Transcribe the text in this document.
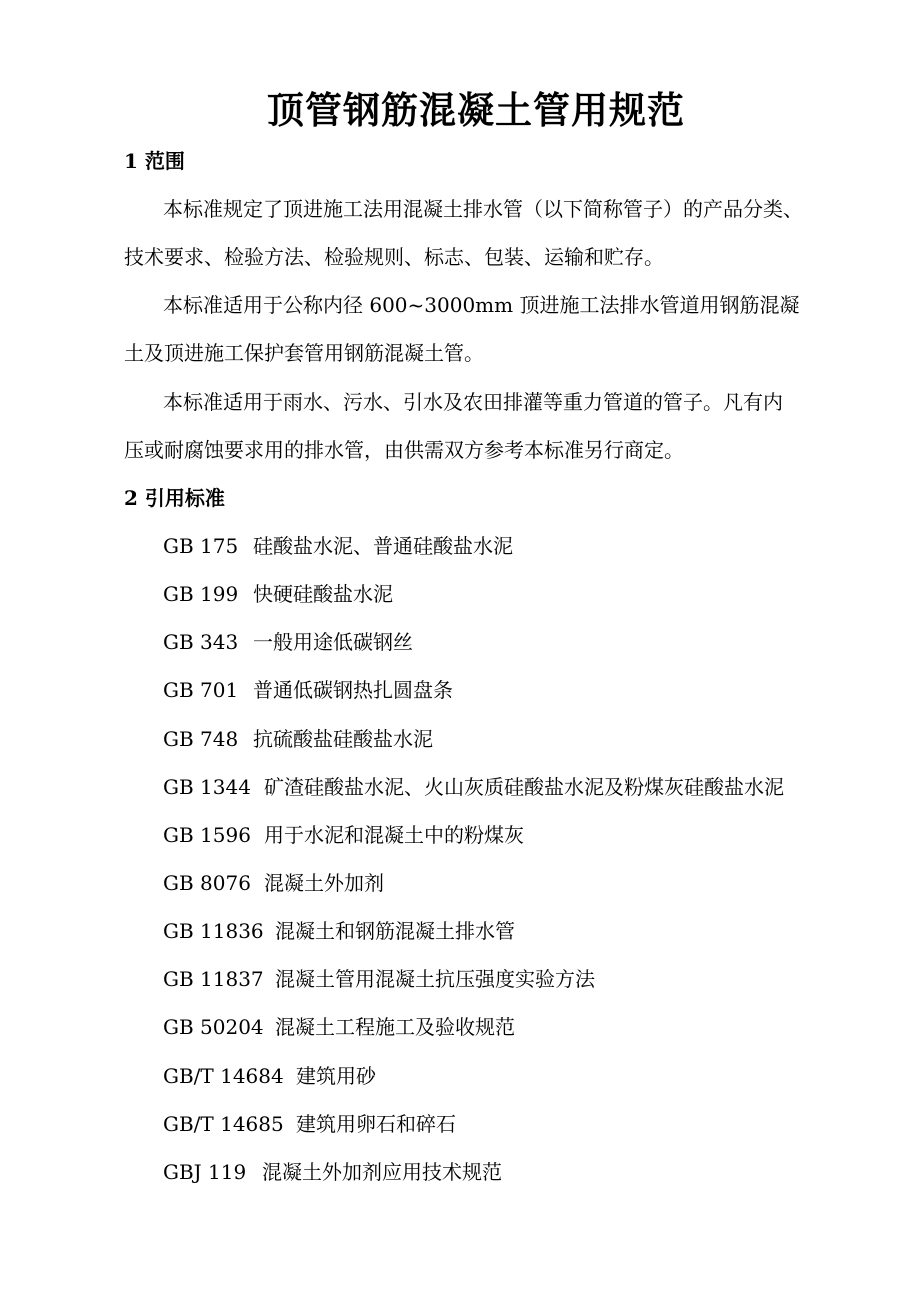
顶管钢筋混凝土管用规范
1 范围

本标准规定了顶进施工法用混凝土排水管（以下简称管子）的产品分类、

技术要求、检验方法、检验规则、标志、包装、运输和贮存。

本标准适用于公称内径 600~3000mm 顶进施工法排水管道用钢筋混凝

土及顶进施工保护套管用钢筋混凝土管。

本标准适用于雨水、污水、引水及农田排灌等重力管道的管子。凡有内

压或耐腐蚀要求用的排水管，由供需双方参考本标准另行商定。

2 引用标准

GB 175 硅酸盐水泥、普通硅酸盐水泥

GB 199 快硬硅酸盐水泥

GB 343 一般用途低碳钢丝

GB 701 普通低碳钢热扎圆盘条

GB 748 抗硫酸盐硅酸盐水泥

GB 1344 矿渣硅酸盐水泥、火山灰质硅酸盐水泥及粉煤灰硅酸盐水泥

GB 1596 用于水泥和混凝土中的粉煤灰

GB 8076 混凝土外加剂

GB 11836 混凝土和钢筋混凝土排水管

GB 11837 混凝土管用混凝土抗压强度实验方法

GB 50204 混凝土工程施工及验收规范

GB/T 14684 建筑用砂

GB/T 14685 建筑用卵石和碎石

GBJ 119 混凝土外加剂应用技术规范
